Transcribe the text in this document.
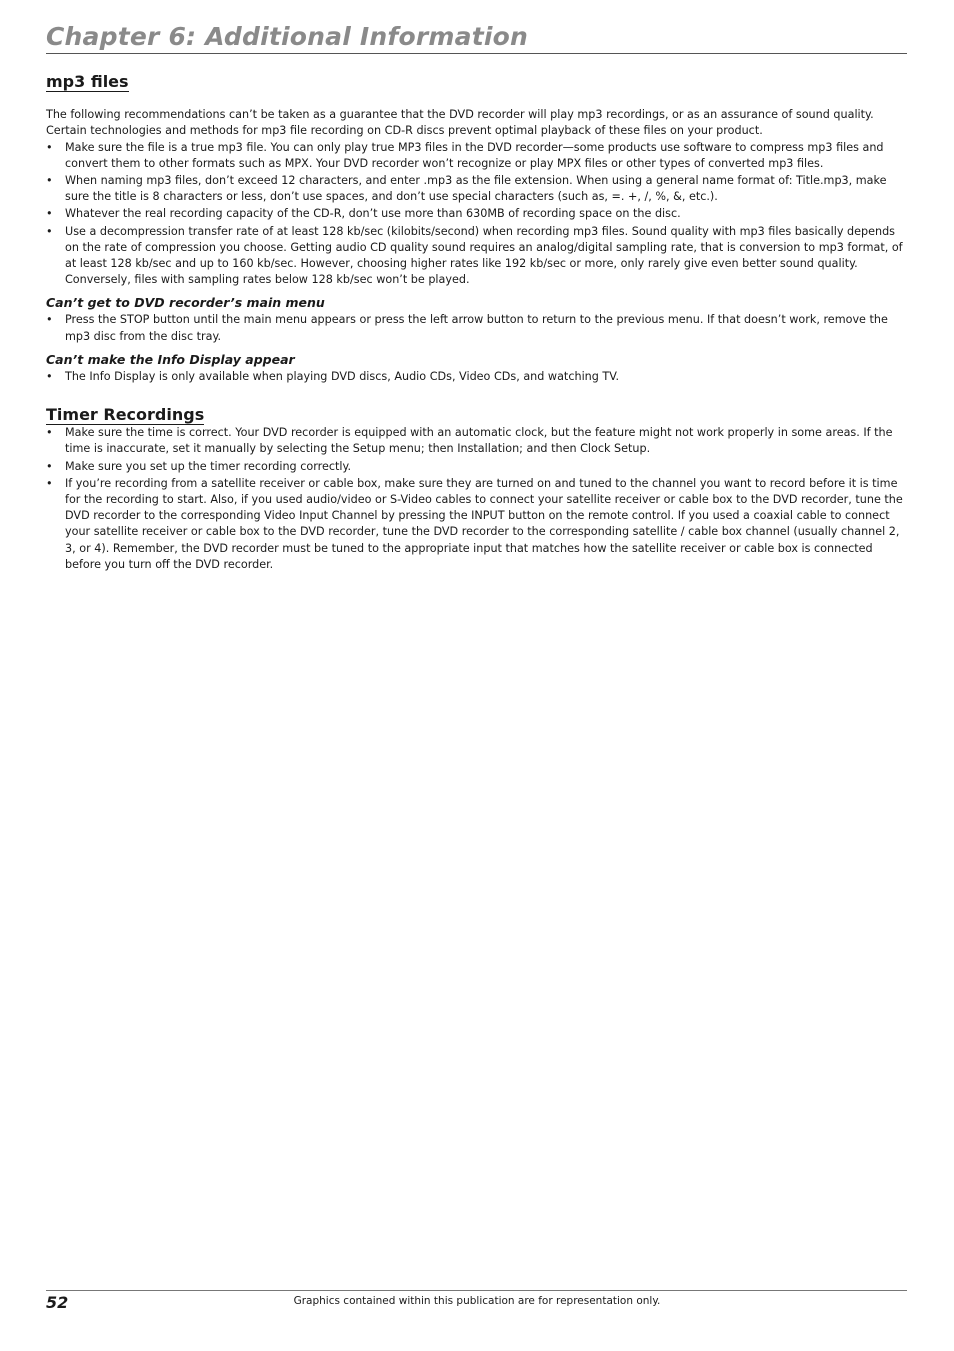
Chapter 6: Additional Information
mp3 files

The following recommendations can’t be taken as a guarantee that the DVD recorder will play mp3 recordings, or as an assurance of sound quality. Certain technologies and methods for mp3 file recording on CD-R discs prevent optimal playback of these files on your product.

• Make sure the file is a true mp3 file. You can only play true MP3 files in the DVD recorder—some products use software to compress mp3 files and convert them to other formats such as MPX. Your DVD recorder won’t recognize or play MPX files or other types of converted mp3 files.
• When naming mp3 files, don’t exceed 12 characters, and enter .mp3 as the file extension. When using a general name format of: Title.mp3, make sure the title is 8 characters or less, don’t use spaces, and don’t use special characters (such as, =. +, /, %, &, etc.).
• Whatever the real recording capacity of the CD-R, don’t use more than 630MB of recording space on the disc.
• Use a decompression transfer rate of at least 128 kb/sec (kilobits/second) when recording mp3 files. Sound quality with mp3 files basically depends on the rate of compression you choose. Getting audio CD quality sound requires an analog/digital sampling rate, that is conversion to mp3 format, of at least 128 kb/sec and up to 160 kb/sec. However, choosing higher rates like 192 kb/sec or more, only rarely give even better sound quality. Conversely, files with sampling rates below 128 kb/sec won’t be played.
Can’t get to DVD recorder’s main menu
• Press the STOP button until the main menu appears or press the left arrow button to return to the previous menu. If that doesn’t work, remove the mp3 disc from the disc tray.
Can’t make the Info Display appear
• The Info Display is only available when playing DVD discs, Audio CDs, Video CDs, and watching TV.
Timer Recordings
• Make sure the time is correct. Your DVD recorder is equipped with an automatic clock, but the feature might not work properly in some areas. If the time is inaccurate, set it manually by selecting the Setup menu; then Installation; and then Clock Setup.
• Make sure you set up the timer recording correctly.
• If you’re recording from a satellite receiver or cable box, make sure they are turned on and tuned to the channel you want to record before it is time for the recording to start. Also, if you used audio/video or S-Video cables to connect your satellite receiver or cable box to the DVD recorder, tune the DVD recorder to the corresponding Video Input Channel by pressing the INPUT button on the remote control. If you used a coaxial cable to connect your satellite receiver or cable box to the DVD recorder, tune the DVD recorder to the corresponding satellite / cable box channel (usually channel 2, 3, or 4). Remember, the DVD recorder must be tuned to the appropriate input that matches how the satellite receiver or cable box is connected before you turn off the DVD recorder.
52	Graphics contained within this publication are for representation only.
